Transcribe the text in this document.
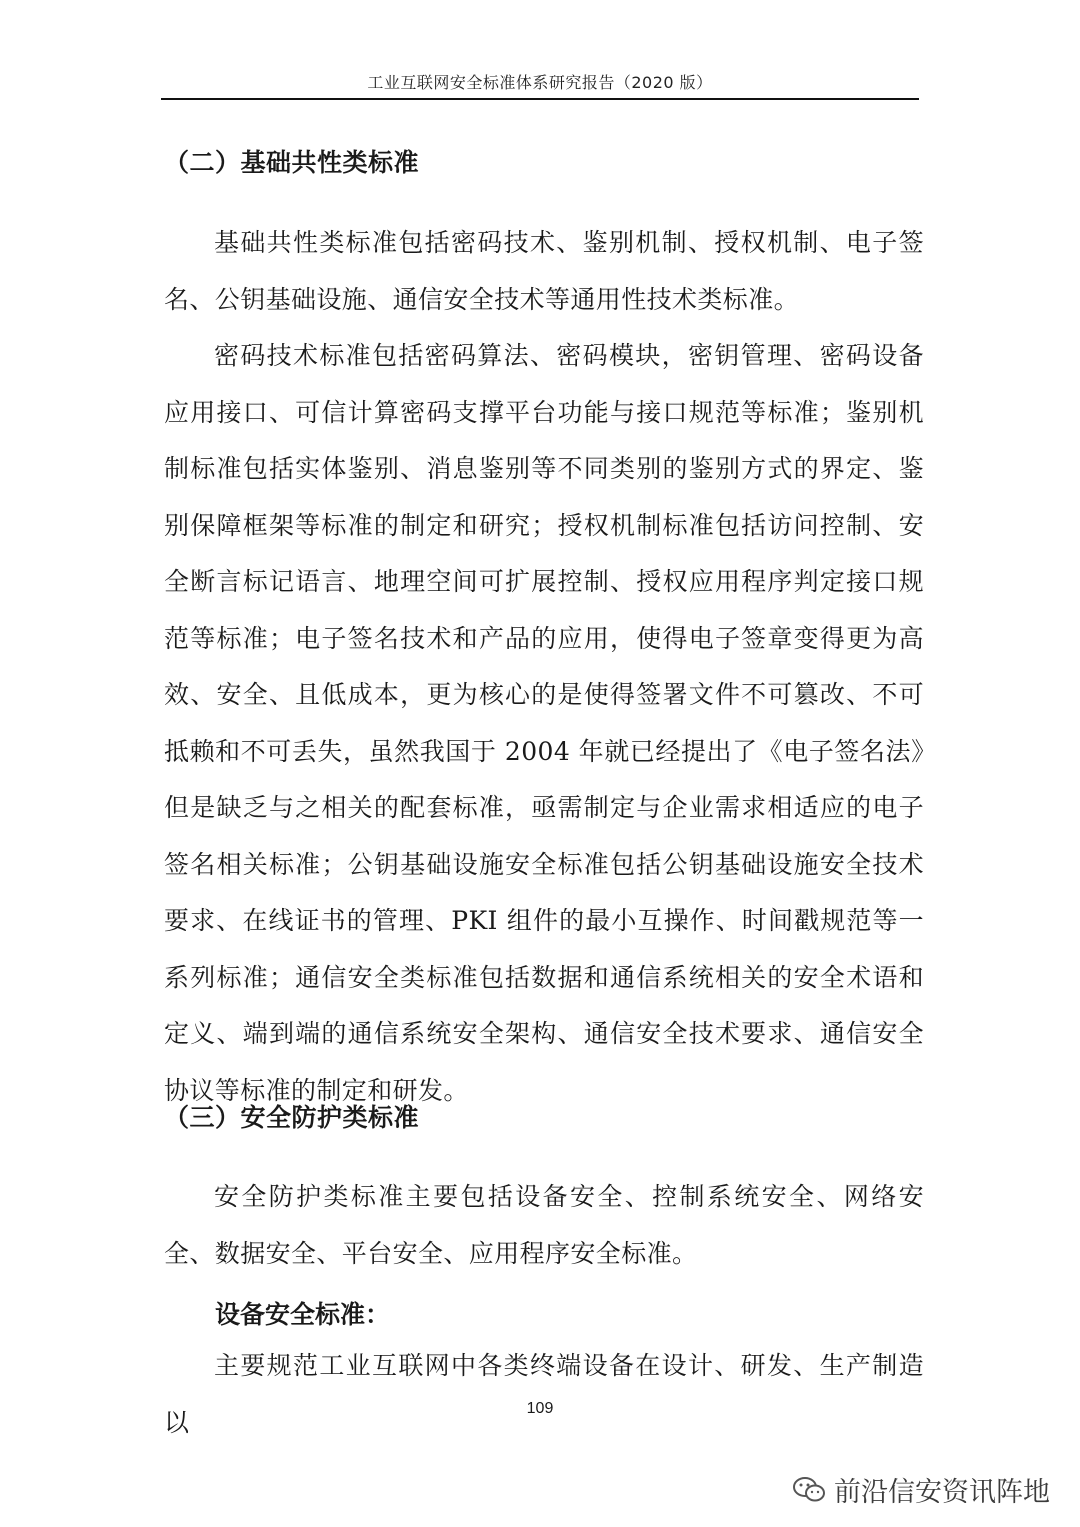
工业互联网安全标准体系研究报告（2020 版）
（二）基础共性类标准
基础共性类标准包括密码技术、鉴别机制、授权机制、电子签名、公钥基础设施、通信安全技术等通用性技术类标准。
密码技术标准包括密码算法、密码模块，密钥管理、密码设备应用接口、可信计算密码支撑平台功能与接口规范等标准；鉴别机制标准包括实体鉴别、消息鉴别等不同类别的鉴别方式的界定、鉴别保障框架等标准的制定和研究；授权机制标准包括访问控制、安全断言标记语言、地理空间可扩展控制、授权应用程序判定接口规范等标准；电子签名技术和产品的应用，使得电子签章变得更为高效、安全、且低成本，更为核心的是使得签署文件不可篡改、不可抵赖和不可丢失，虽然我国于 2004 年就已经提出了《电子签名法》但是缺乏与之相关的配套标准，亟需制定与企业需求相适应的电子签名相关标准；公钥基础设施安全标准包括公钥基础设施安全技术要求、在线证书的管理、PKI 组件的最小互操作、时间戳规范等一系列标准；通信安全类标准包括数据和通信系统相关的安全术语和定义、端到端的通信系统安全架构、通信安全技术要求、通信安全协议等标准的制定和研发。
（三）安全防护类标准
安全防护类标准主要包括设备安全、控制系统安全、网络安全、数据安全、平台安全、应用程序安全标准。
设备安全标准：
主要规范工业互联网中各类终端设备在设计、研发、生产制造以	109
前沿信安资讯阵地
